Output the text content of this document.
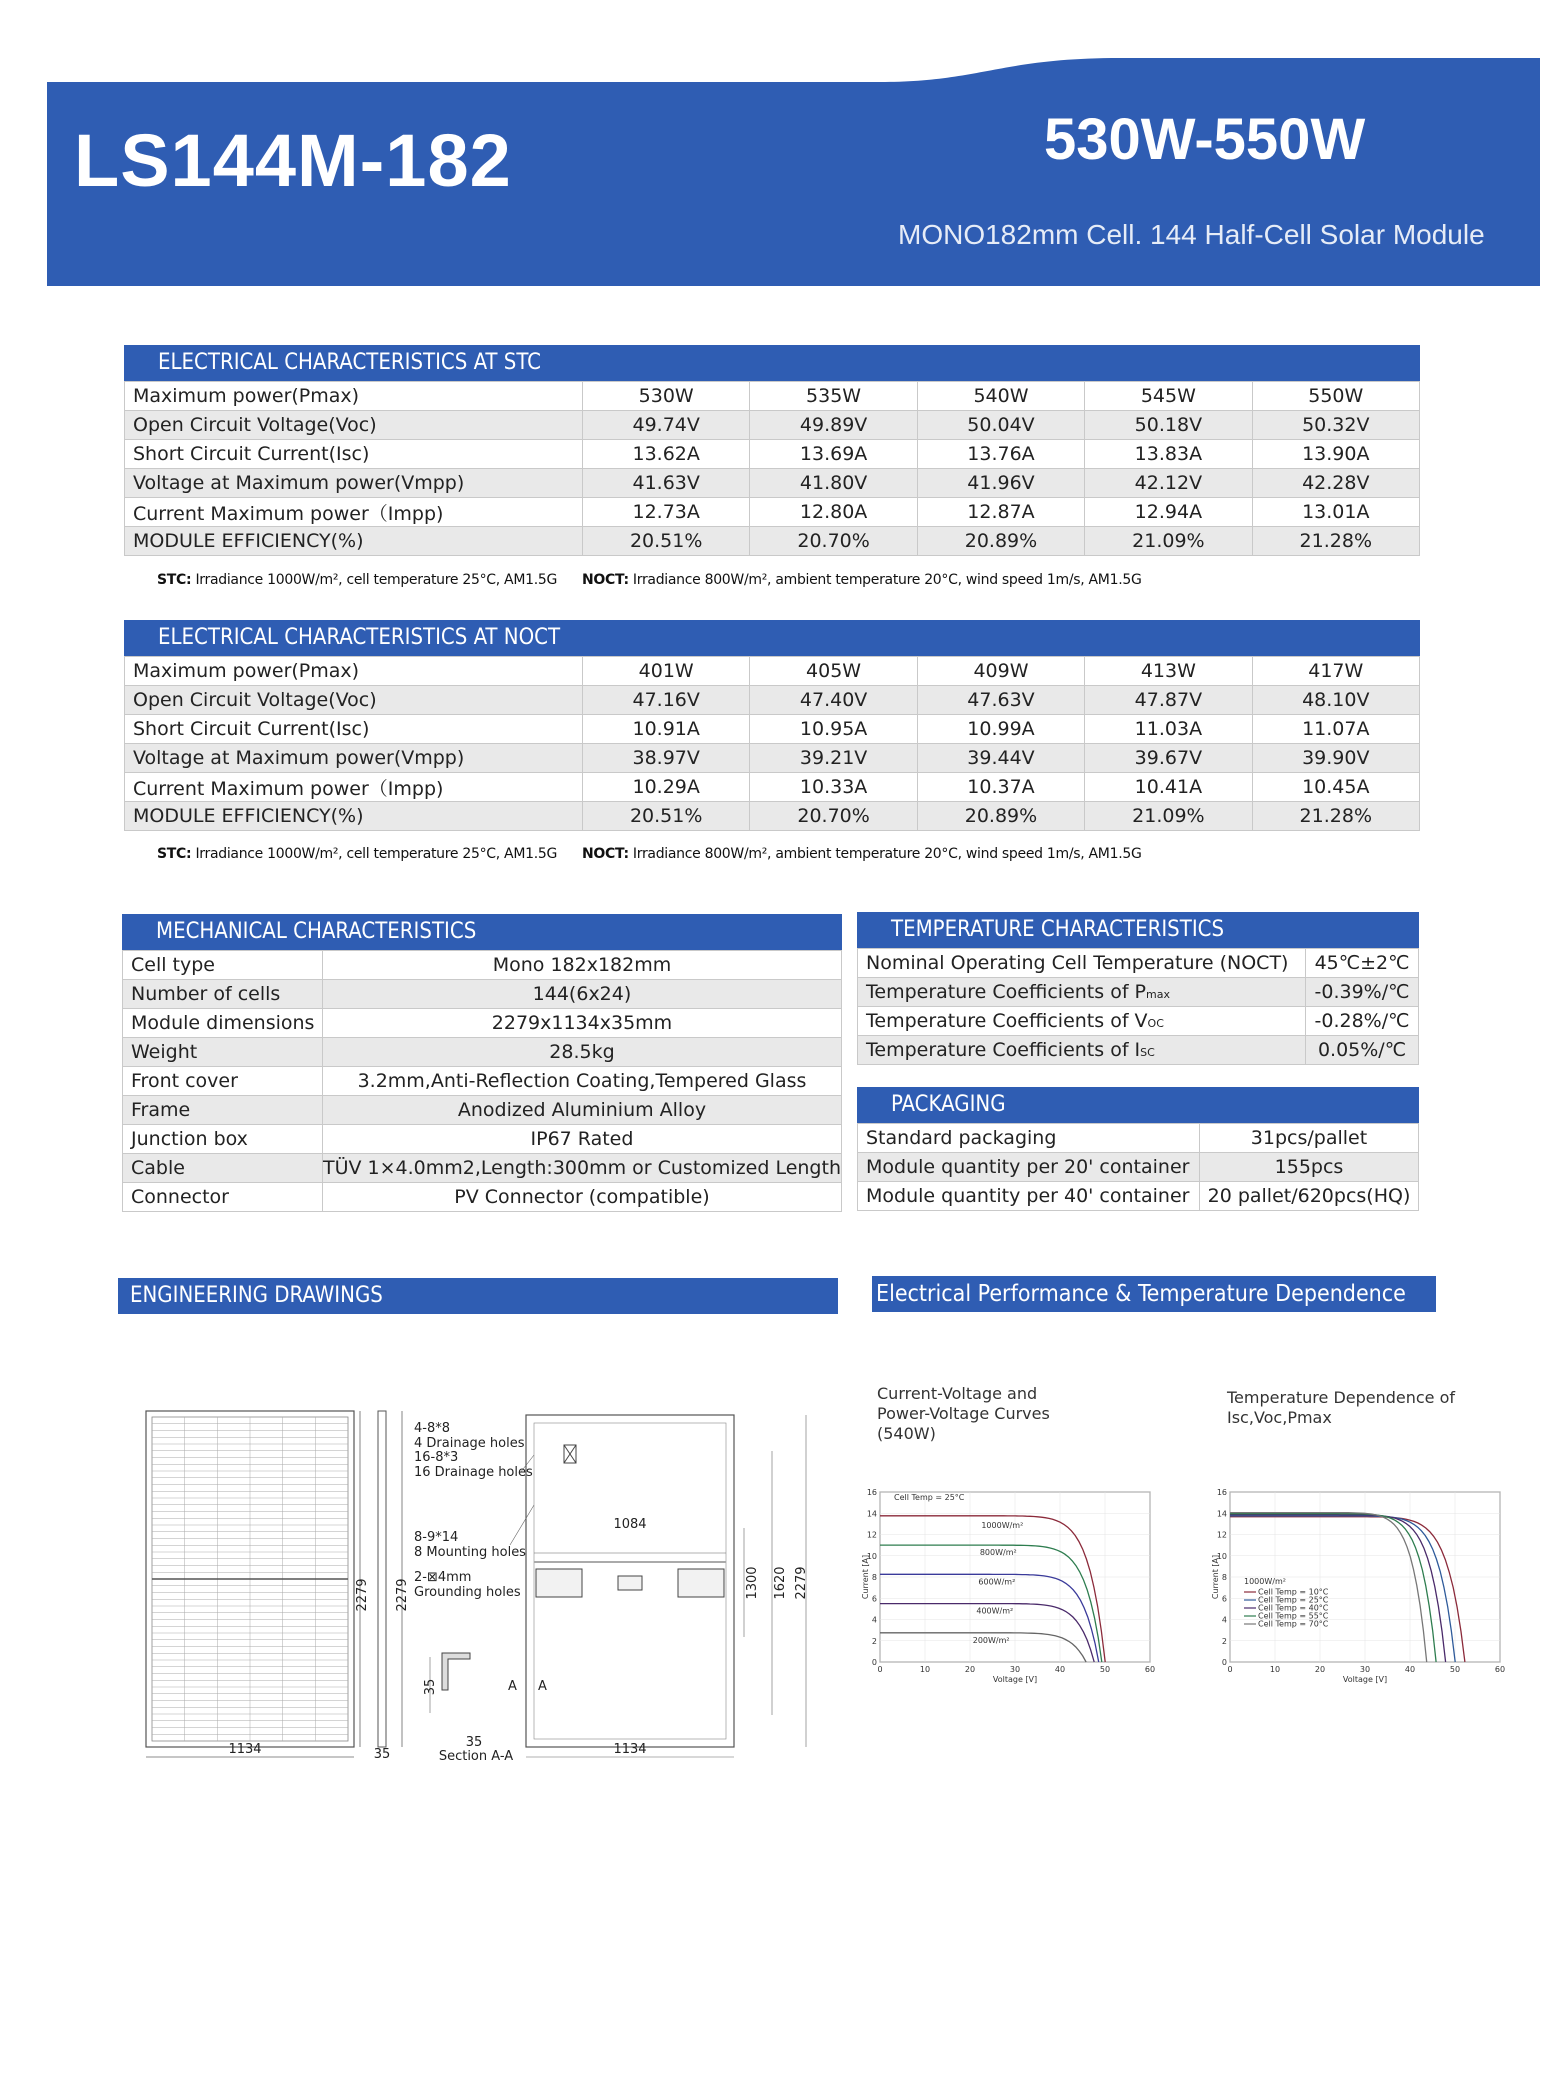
LS144M-182	530W-550W
MONO182mm Cell. 144 Half-Cell Solar Module
ELECTRICAL CHARACTERISTICS AT STC
Maximum power(Pmax)	530W	535W	540W	545W	550W
Open Circuit Voltage(Voc)	49.74V	49.89V	50.04V	50.18V	50.32V
Short Circuit Current(Isc)	13.62A	13.69A	13.76A	13.83A	13.90A
Voltage at Maximum power(Vmpp)	41.63V	41.80V	41.96V	42.12V	42.28V
Current Maximum power（Impp)	12.73A	12.80A	12.87A	12.94A	13.01A
MODULE EFFICIENCY(%)	20.51%	20.70%	20.89%	21.09%	21.28%
STC: Irradiance 1000W/m², cell temperature 25°C, AM1.5G NOCT: Irradiance 800W/m², ambient temperature 20°C, wind speed 1m/s, AM1.5G
ELECTRICAL CHARACTERISTICS AT NOCT
Maximum power(Pmax)	401W	405W	409W	413W	417W
Open Circuit Voltage(Voc)	47.16V	47.40V	47.63V	47.87V	48.10V
Short Circuit Current(Isc)	10.91A	10.95A	10.99A	11.03A	11.07A
Voltage at Maximum power(Vmpp)	38.97V	39.21V	39.44V	39.67V	39.90V
Current Maximum power（Impp)	10.29A	10.33A	10.37A	10.41A	10.45A
MODULE EFFICIENCY(%)	20.51%	20.70%	20.89%	21.09%	21.28%
STC: Irradiance 1000W/m², cell temperature 25°C, AM1.5G NOCT: Irradiance 800W/m², ambient temperature 20°C, wind speed 1m/s, AM1.5G
MECHANICAL CHARACTERISTICS
Cell type	Mono 182x182mm
Number of cells	144(6x24)
Module dimensions	2279x1134x35mm
Weight	28.5kg
Front cover	3.2mm,Anti-Reflection Coating,Tempered Glass
Frame	Anodized Aluminium Alloy
Junction box	IP67 Rated
Cable	TÜV 1×4.0mm2,Length:300mm or Customized Length
Connector	PV Connector (compatible)
TEMPERATURE CHARACTERISTICS
Nominal Operating Cell Temperature (NOCT)	45℃±2℃
Temperature Coefficients of Pmax	-0.39%/℃
Temperature Coefficients of VOC	-0.28%/℃
Temperature Coefficients of ISC	0.05%/℃
PACKAGING
Standard packaging	31pcs/pallet
Module quantity per 20' container	155pcs
Module quantity per 40' container	20 pallet/620pcs(HQ)
ENGINEERING DRAWINGS	Electrical Performance & Temperature Dependence
2279
1134
2279
35
1084
1300 1620 2279
1134
4-8*8
4 Drainage holes
16-8*3
16 Drainage holes
8-9*14
8 Mounting holes
2-⊠4mm
Grounding holes
35
35
Section A-A
A A
Current-Voltage and Power-Voltage Curves (540W)
Temperature Dependence of Isc,Voc,Pmax
0
2
4
6
8
10
12
14
16
0	10	20	30	40	50	60
Voltage [V]
Current [A]
1000W/m²
800W/m²
600W/m²
400W/m²
200W/m²
Cell Temp = 25°C
0
2
4
6
8
10
12
14
16
0	10	20	30	40	50	60
Voltage [V]
Current [A]	Cell Temp = 10°C
Cell Temp = 25°C
Cell Temp = 40°C
Cell Temp = 55°C
Cell Temp = 70°C
1000W/m²
